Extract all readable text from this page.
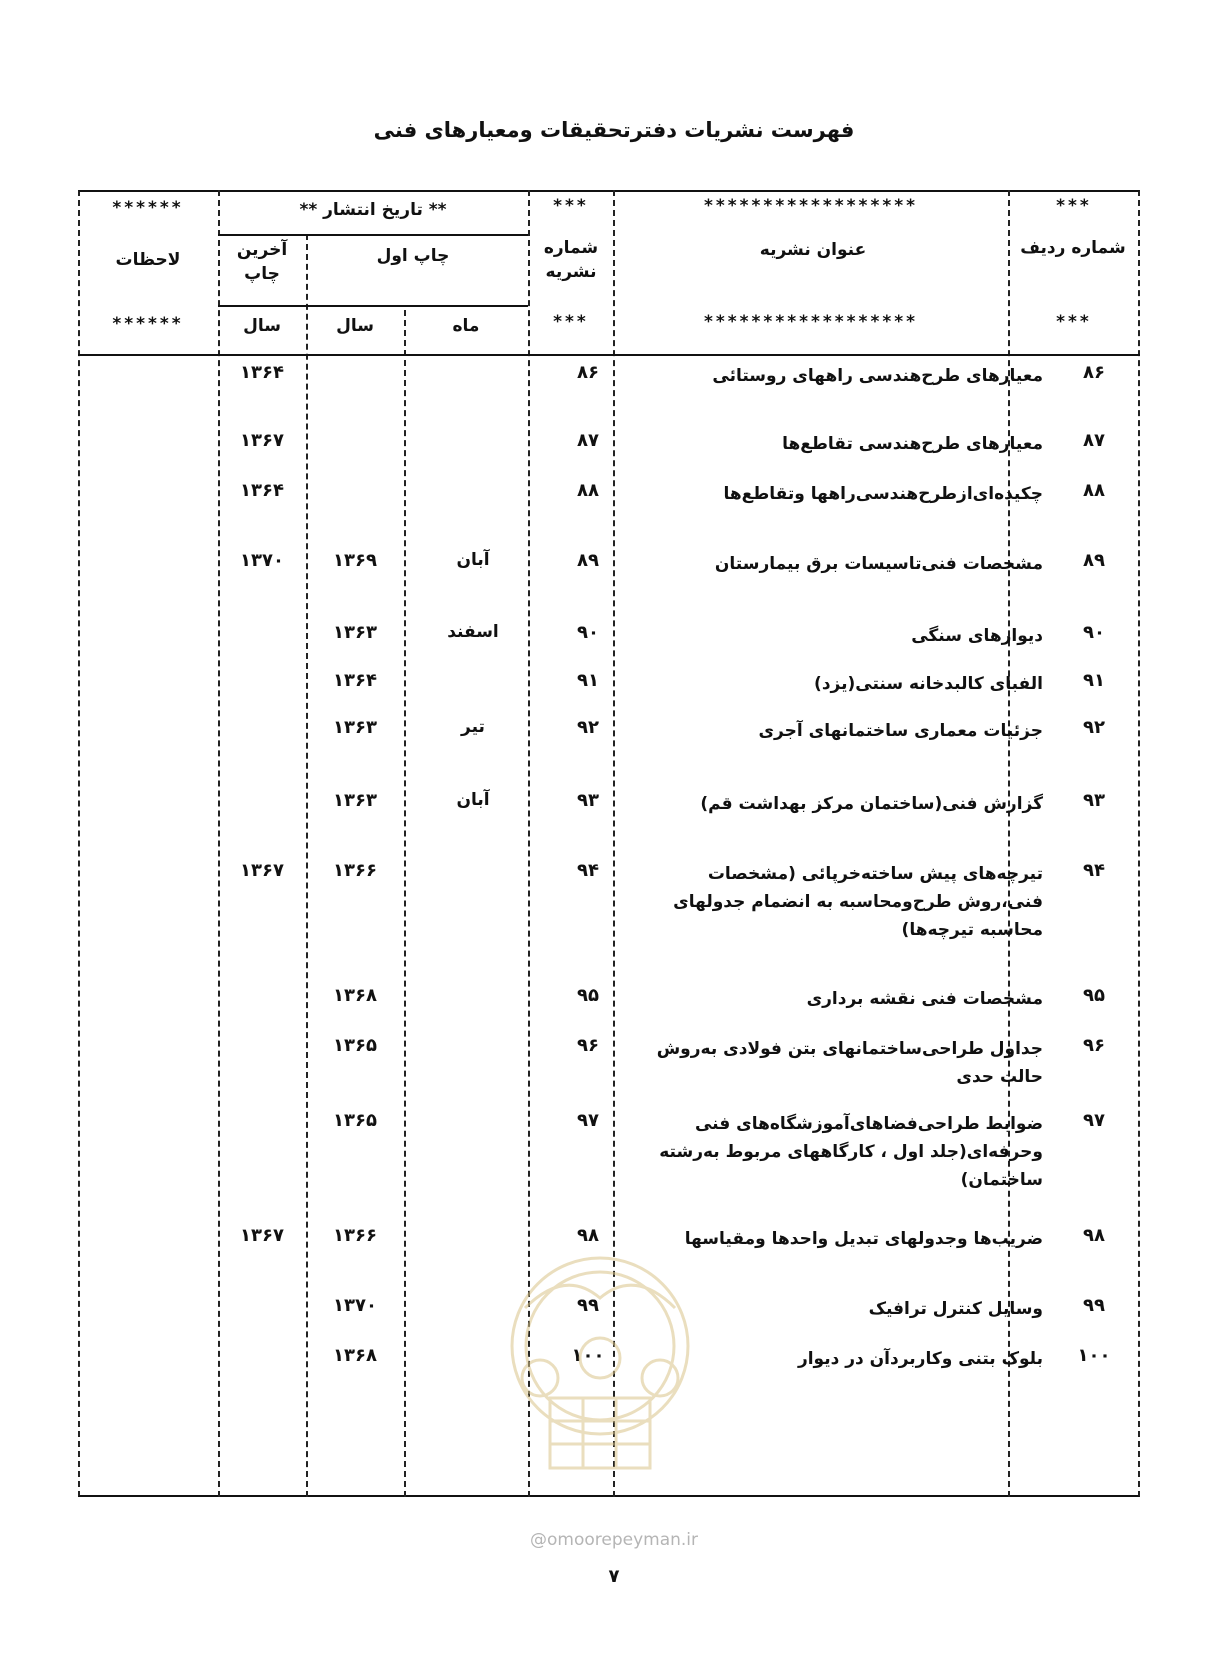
فهرست نشریات دفترتحقیقات ومعیارهای فنی
***
******************
***
** تاریخ انتشار **
******
شماره ردیف
عنوان نشریه
شماره نشریه
چاپ اول
آخرین چاپ
لاحظات
***
******************
***
ماه
سال
سال
******
۸۶
معیارهای طرح‌هندسی راههای روستائی
۸۶
۱۳۶۴
۸۷
معیارهای طرح‌هندسی تقاطع‌ها
۸۷
۱۳۶۷
۸۸
چکیده‌ای‌ازطرح‌هندسی‌راهها وتقاطع‌ها
۸۸
۱۳۶۴
۸۹
مشخصات فنی‌تاسیسات برق بیمارستان
۸۹
آبان
۱۳۶۹
۱۳۷۰
۹۰
دیوارهای سنگی
۹۰
اسفند
۱۳۶۳
۹۱
الفبای کالبدخانه سنتی(یزد)
۹۱
۱۳۶۴
۹۲
جزئیات معماری ساختمانهای آجری
۹۲
تیر
۱۳۶۳
۹۳
گزارش فنی(ساختمان مرکز بهداشت قم)
۹۳
آبان
۱۳۶۳
۹۴
تیرچه‌های پیش ساخته‌خرپائی (مشخصات فنی،روش طرح‌ومحاسبه به انضمام جدولهای محاسبه تیرچه‌ها)
۹۴
۱۳۶۶
۱۳۶۷
۹۵
مشخصات فنی نقشه برداری
۹۵
۱۳۶۸
۹۶
جداول طراحی‌ساختمانهای بتن فولادی به‌روش حالت حدی
۹۶
۱۳۶۵
۹۷
ضوابط طراحی‌فضاهای‌آموزشگاه‌های فنی وحرفه‌ای(جلد اول ، کارگاههای مربوط به‌رشته ساختمان)
۹۷
۱۳۶۵
۹۸
ضریب‌ها وجدولهای تبدیل واحدها ومقیاسها
۹۸
۱۳۶۶
۱۳۶۷
۹۹
وسایل کنترل ترافیک
۹۹
۱۳۷۰
۱۰۰
بلوک بتنی وکاربردآن در دیوار
۱۰۰
۱۳۶۸
@omoorepeyman.ir
۷
